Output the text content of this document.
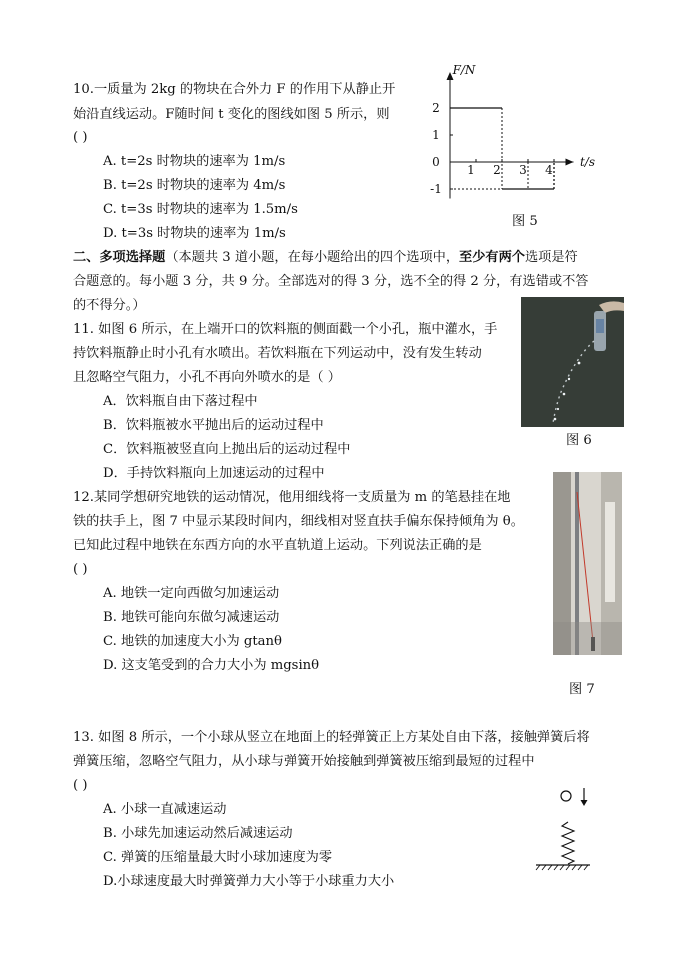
10.一质量为 2kg 的物块在合外力 F 的作用下从静止开
始沿直线运动。F随时间 t 变化的图线如图 5 所示，则
( )
A. t=2s 时物块的速率为 1m/s
B. t=2s 时物块的速率为 4m/s
C. t=3s 时物块的速率为 1.5m/s
D. t=3s 时物块的速率为 1m/s
F/N
t/s
1 2 3 4
2
1
0
-1
图 5
二、多项选择题（本题共 3 道小题，在每小题给出的四个选项中，至少有两个选项是符
合题意的。每小题 3 分，共 9 分。全部选对的得 3 分，选不全的得 2 分，有选错或不答
的不得分。）
11. 如图 6 所示，在上端开口的饮料瓶的侧面戳一个小孔，瓶中灌水，手
持饮料瓶静止时小孔有水喷出。若饮料瓶在下列运动中，没有发生转动
且忽略空气阻力，小孔不再向外喷水的是（ ）
A．饮料瓶自由下落过程中
B．饮料瓶被水平抛出后的运动过程中
C．饮料瓶被竖直向上抛出后的运动过程中
D．手持饮料瓶向上加速运动的过程中
图 6
12.某同学想研究地铁的运动情况，他用细线将一支质量为 m 的笔悬挂在地
铁的扶手上，图 7 中显示某段时间内，细线相对竖直扶手偏东保持倾角为 θ。
已知此过程中地铁在东西方向的水平直轨道上运动。下列说法正确的是
( )
A. 地铁一定向西做匀加速运动
B. 地铁可能向东做匀减速运动
C. 地铁的加速度大小为 gtanθ
D. 这支笔受到的合力大小为 mgsinθ
图 7
13. 如图 8 所示，一个小球从竖立在地面上的轻弹簧正上方某处自由下落，接触弹簧后将
弹簧压缩，忽略空气阻力，从小球与弹簧开始接触到弹簧被压缩到最短的过程中
( )
A. 小球一直减速运动
B. 小球先加速运动然后减速运动
C. 弹簧的压缩量最大时小球加速度为零
D.小球速度最大时弹簧弹力大小等于小球重力大小
